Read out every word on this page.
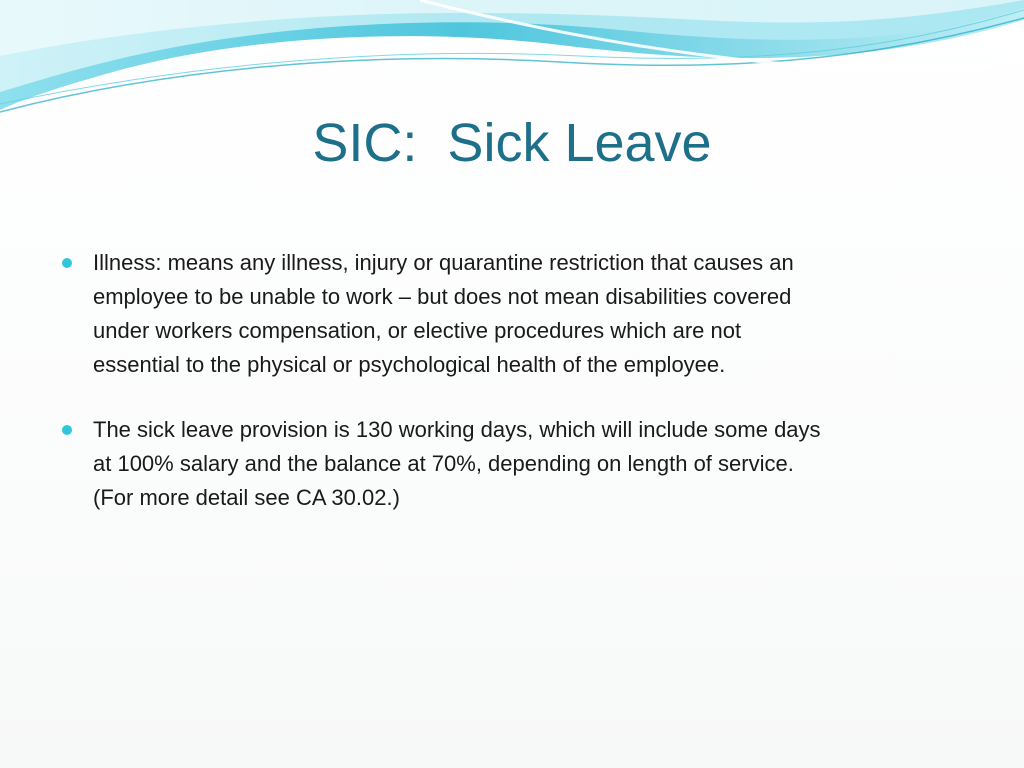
SIC:  Sick Leave
Illness: means any illness, injury or quarantine restriction that causes an
employee to be unable to work – but does not mean disabilities covered
under workers compensation, or elective procedures which are not
essential to the physical or psychological health of the employee.
The sick leave provision is 130 working days, which will include some days
at 100% salary and the balance at 70%, depending on length of service.
(For more detail see CA 30.02.)
